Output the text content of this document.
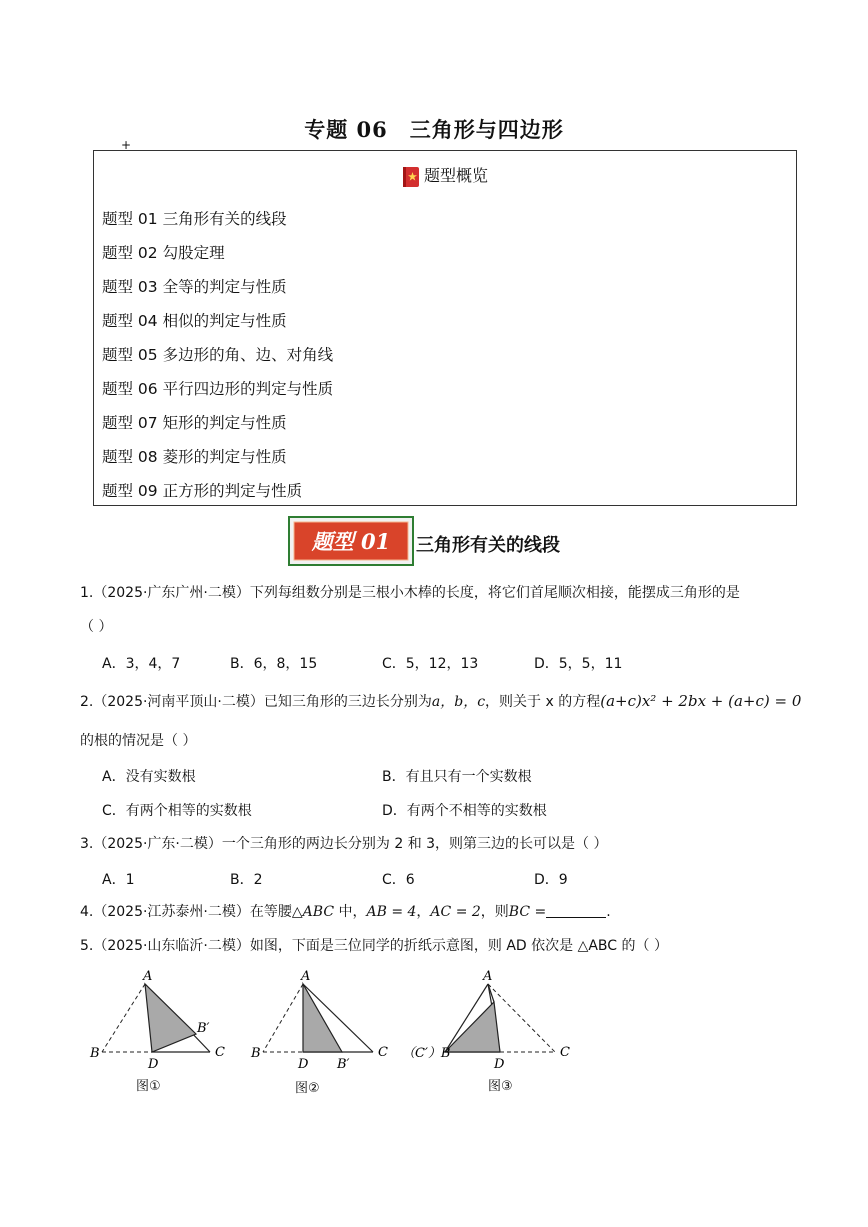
专题 06　三角形与四边形
+
题型概览
题型 01 三角形有关的线段
题型 02 勾股定理
题型 03 全等的判定与性质
题型 04 相似的判定与性质
题型 05 多边形的角、边、对角线
题型 06 平行四边形的判定与性质
题型 07 矩形的判定与性质
题型 08 菱形的判定与性质
题型 09 正方形的判定与性质
题型 01 三角形有关的线段
1.（2025·广东广州·二模）下列每组数分别是三根小木棒的长度，将它们首尾顺次相接，能摆成三角形的是
（ ）
A．3，4，7	B．6，8，15	C．5，12，13	D．5，5，11
2.（2025·河南平顶山·二模）已知三角形的三边长分别为a，b，c，则关于 x 的方程(a+c)x² + 2bx + (a+c) = 0
的根的情况是（ ）
A．没有实数根	B．有且只有一个实数根
C．有两个相等的实数根	D．有两个不相等的实数根
3.（2025·广东·二模）一个三角形的两边长分别为 2 和 3，则第三边的长可以是（ ）
A．1	B．2	C．6	D．9
4.（2025·江苏泰州·二模）在等腰△ABC 中，AB = 4，AC = 2，则BC =	.
5.（2025·山东临沂·二模）如图，下面是三位同学的折纸示意图，则 AD 依次是 △ABC 的（ ）
A
B
D
C
B′
A
B
D B′
C
A
（C′）B
D
C
图①	图②	图③
